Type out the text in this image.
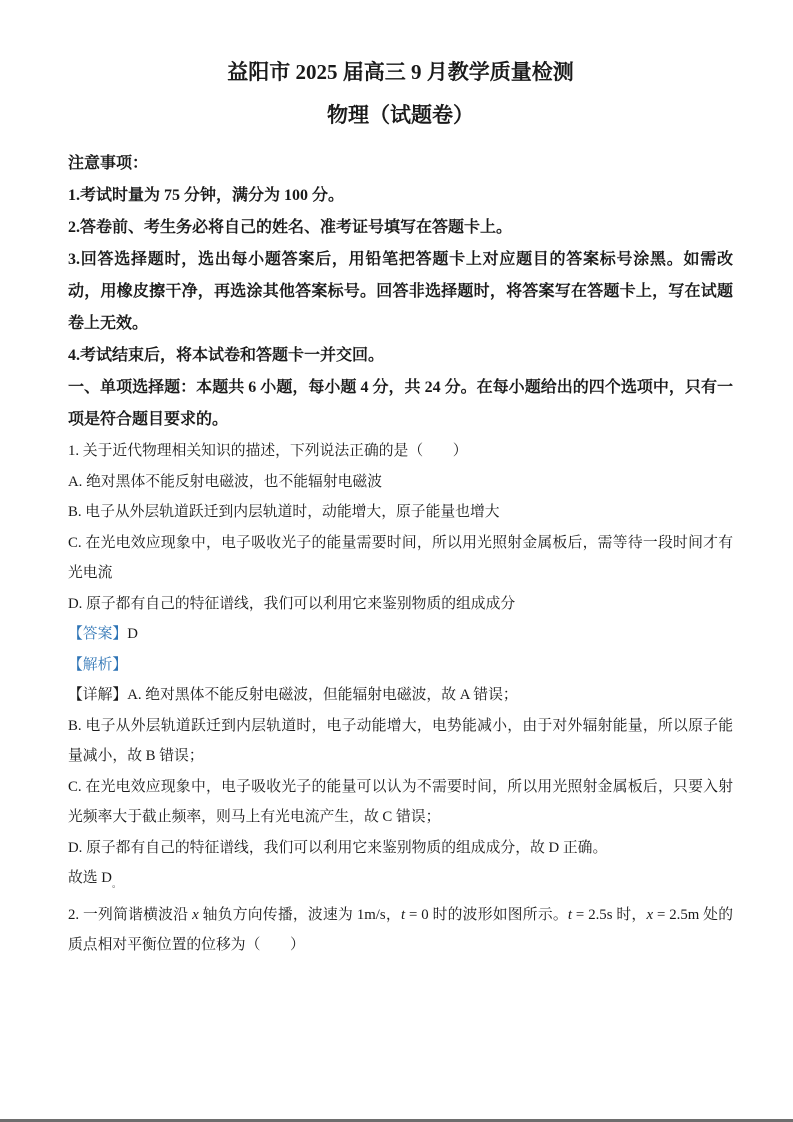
益阳市 2025 届高三 9 月教学质量检测

物理（试题卷）

注意事项：

1.考试时量为 75 分钟，满分为 100 分。

2.答卷前、考生务必将自己的姓名、准考证号填写在答题卡上。

3.回答选择题时，选出每小题答案后，用铅笔把答题卡上对应题目的答案标号涂黑。如需改动，用橡皮擦干净，再选涂其他答案标号。回答非选择题时，将答案写在答题卡上，写在试题卷上无效。

4.考试结束后，将本试卷和答题卡一并交回。

一、单项选择题：本题共 6 小题，每小题 4 分，共 24 分。在每小题给出的四个选项中，只有一项是符合题目要求的。

1. 关于近代物理相关知识的描述，下列说法正确的是（　　）

A. 绝对黑体不能反射电磁波，也不能辐射电磁波

B. 电子从外层轨道跃迁到内层轨道时，动能增大，原子能量也增大

C. 在光电效应现象中，电子吸收光子的能量需要时间，所以用光照射金属板后，需等待一段时间才有光电流

D. 原子都有自己的特征谱线，我们可以利用它来鉴别物质的组成成分

【答案】D

【解析】

【详解】A. 绝对黑体不能反射电磁波，但能辐射电磁波，故 A 错误；

B. 电子从外层轨道跃迁到内层轨道时，电子动能增大，电势能减小，由于对外辐射能量，所以原子能量减小，故 B 错误；

C. 在光电效应现象中，电子吸收光子的能量可以认为不需要时间，所以用光照射金属板后，只要入射光频率大于截止频率，则马上有光电流产生，故 C 错误；

D. 原子都有自己的特征谱线，我们可以利用它来鉴别物质的组成成分，故 D 正确。

故选 $D_。$

2. 一列简谐横波沿 x 轴负方向传播，波速为 1m/s，t = 0 时的波形如图所示。t = 2.5s 时，x = 2.5m 处的质点相对平衡位置的位移为（　　）
